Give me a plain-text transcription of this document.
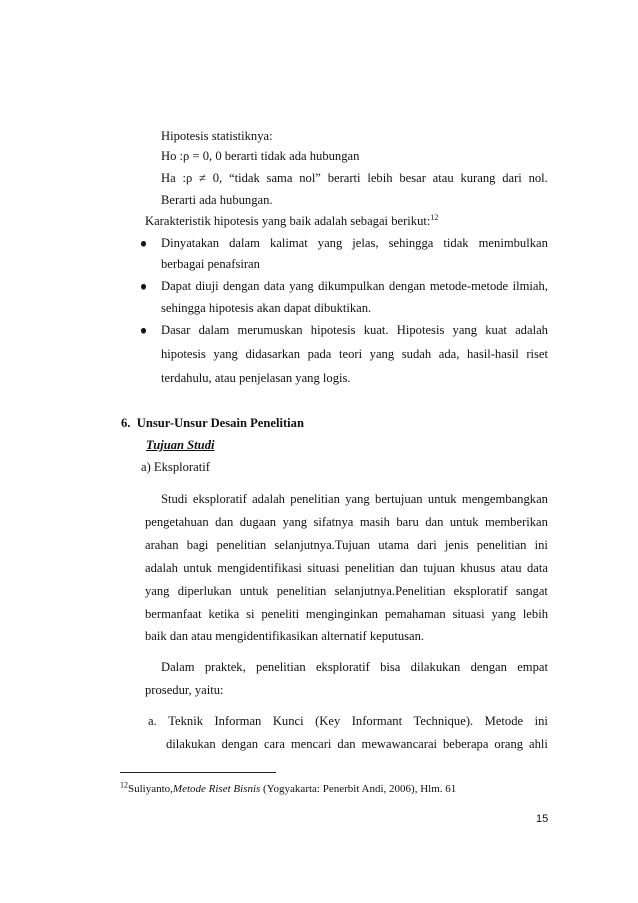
Hipotesis statistiknya:
Ho :ρ = 0, 0 berarti tidak ada hubungan
Ha :ρ ≠ 0, “tidak sama nol” berarti lebih besar atau kurang dari nol.
Berarti ada hubungan.
Karakteristik hipotesis yang baik adalah sebagai berikut:$^{12}$
Dinyatakan dalam kalimat yang jelas, sehingga tidak menimbulkan
berbagai penafsiran
Dapat diuji dengan data yang dikumpulkan dengan metode-metode ilmiah,
sehingga hipotesis akan dapat dibuktikan.
Dasar dalam merumuskan hipotesis kuat. Hipotesis yang kuat adalah
hipotesis yang didasarkan pada teori yang sudah ada, hasil-hasil riset
terdahulu, atau penjelasan yang logis.
6. Unsur-Unsur Desain Penelitian
Tujuan Studi
a) Eksploratif
Studi eksploratif adalah penelitian yang bertujuan untuk mengembangkan
pengetahuan dan dugaan yang sifatnya masih baru dan untuk memberikan
arahan bagi penelitian selanjutnya.Tujuan utama dari jenis penelitian ini
adalah untuk mengidentifikasi situasi penelitian dan tujuan khusus atau data
yang diperlukan untuk penelitian selanjutnya.Penelitian eksploratif sangat
bermanfaat ketika si peneliti menginginkan pemahaman situasi yang lebih
baik dan atau mengidentifikasikan alternatif keputusan.
Dalam praktek, penelitian eksploratif bisa dilakukan dengan empat
prosedur, yaitu:
a. Teknik Informan Kunci (Key Informant Technique). Metode ini
dilakukan dengan cara mencari dan mewawancarai beberapa orang ahli
$^{12}$Suliyanto,Metode Riset Bisnis (Yogyakarta: Penerbit Andi, 2006), Hlm. 61
15
